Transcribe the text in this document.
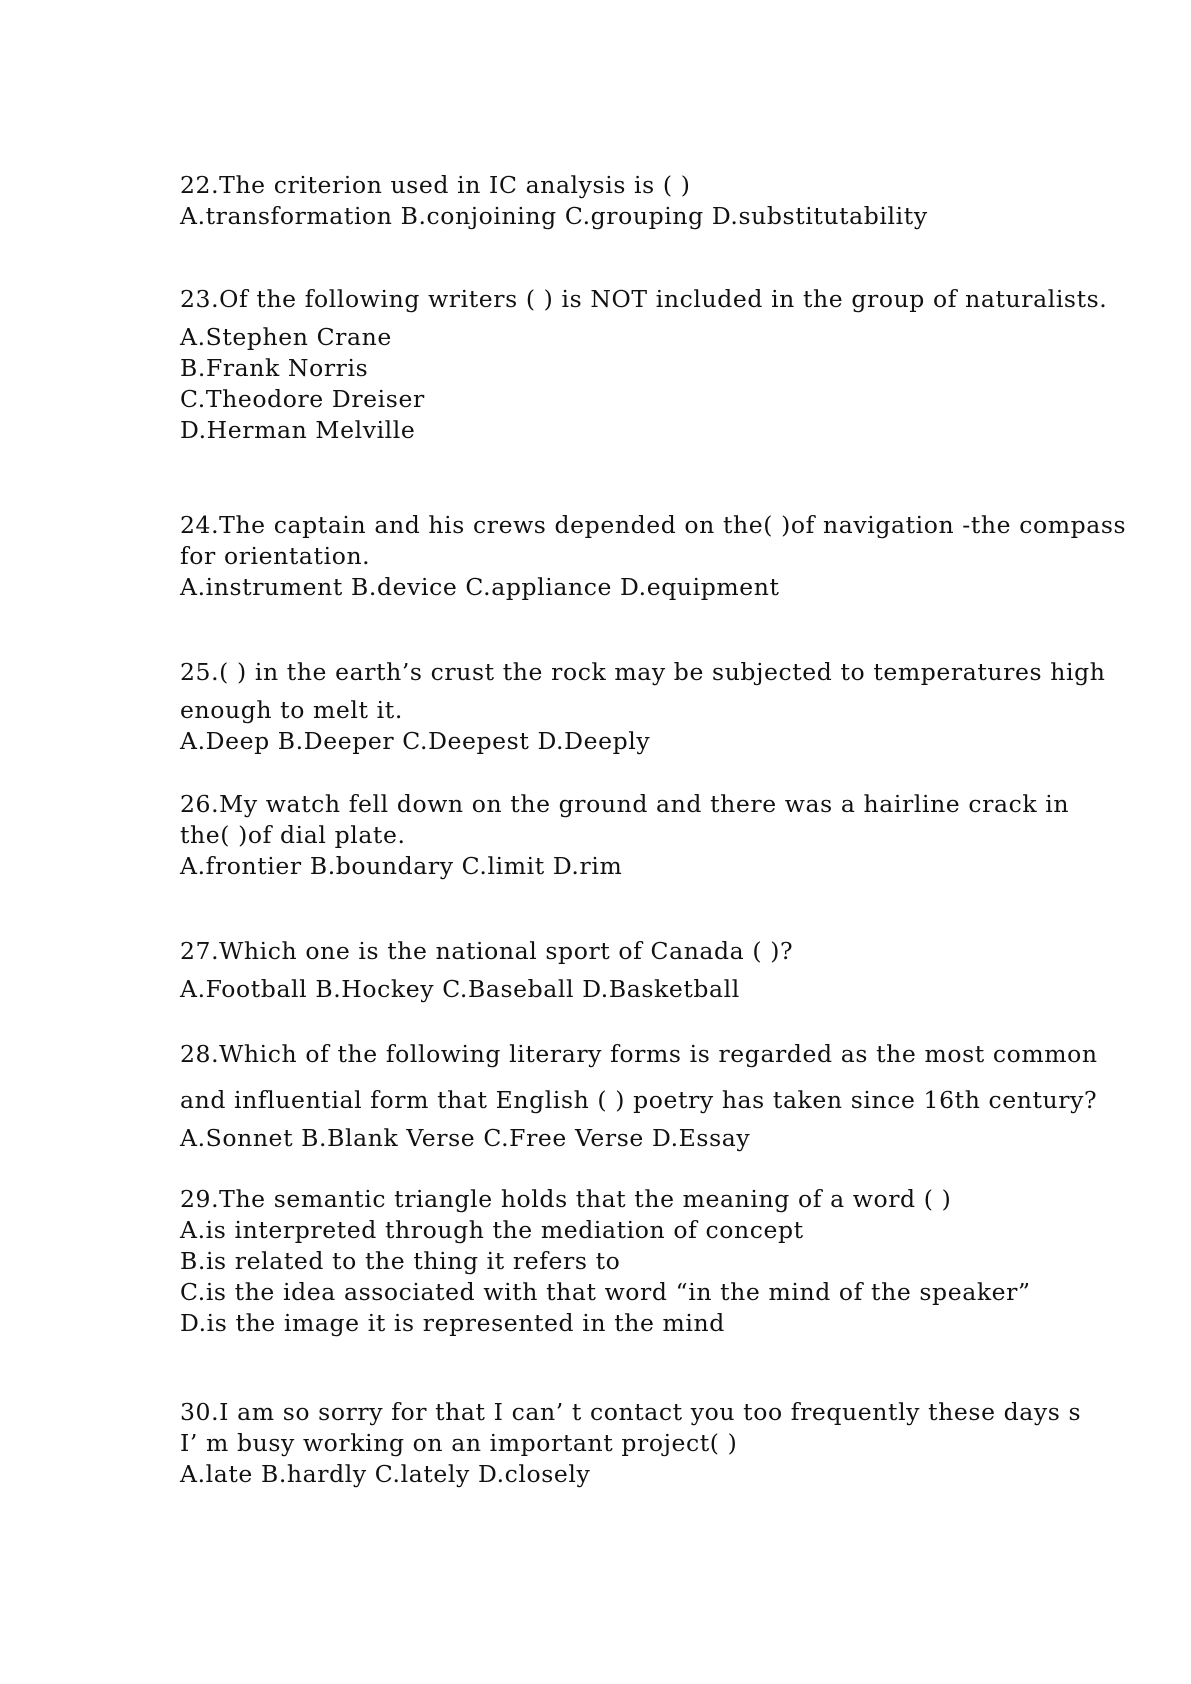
22.The criterion used in IC analysis is ( )
A.transformation B.conjoining C.grouping D.substitutability
23.Of the following writers ( ) is NOT included in the group of naturalists.
A.Stephen Crane
B.Frank Norris
C.Theodore Dreiser
D.Herman Melville
24.The captain and his crews depended on the( )of navigation -the compass
for orientation.
A.instrument B.device C.appliance D.equipment
25.( ) in the earth’s crust the rock may be subjected to temperatures high
enough to melt it.
A.Deep B.Deeper C.Deepest D.Deeply
26.My watch fell down on the ground and there was a hairline crack in
the( )of dial plate.
A.frontier B.boundary C.limit D.rim
27.Which one is the national sport of Canada ( )?
A.Football B.Hockey C.Baseball D.Basketball
28.Which of the following literary forms is regarded as the most common
and influential form that English ( ) poetry has taken since 16th century?
A.Sonnet B.Blank Verse C.Free Verse D.Essay
29.The semantic triangle holds that the meaning of a word ( )
A.is interpreted through the mediation of concept
B.is related to the thing it refers to
C.is the idea associated with that word “in the mind of the speaker”
D.is the image it is represented in the mind
30.I am so sorry for that I can’ t contact you too frequently these days s
I’ m busy working on an important project( )
A.late B.hardly C.lately D.closely
